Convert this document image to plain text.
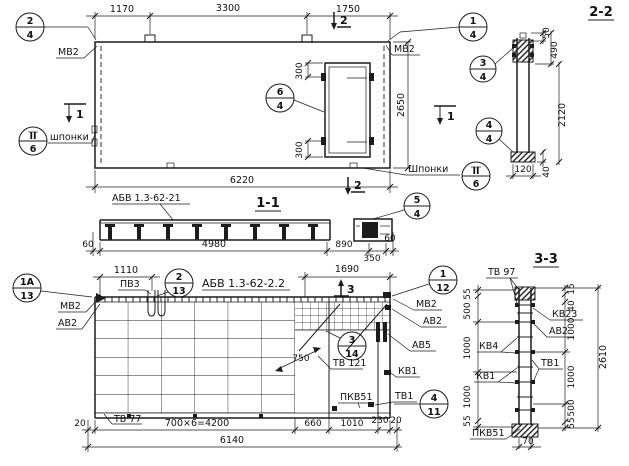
1170	3300	1750
6220
2650
300
300
МВ2	МВ2
шпонки
Шпонки
2
2
1	1
2-2
50
490
2120
40
120
1-1
АБВ 1.3-62-21
60	4980	890
350
60
1690
3
1110
750
ПВ3
МВ2
АВ2
АБВ 1.3-62-2.2
МВ2
АВ2
АВ5
КВ1
ТВ1
ПКВ51
ТВ 121
ТВ 77
20	700×6=4200	660 1010 230 20
6140
3-3
ТВ 97
КВ23
АВ2
КВ4
ТВ1
КВ1
ПКВ51
55
500
1000
1000
55
15
40
1000
1000
500
55
2610
70
2
4
1
4
6
4
II
6
II
6
3
4
4
4
5
4
1А
13
2
13
1
12
3
14
4
11
